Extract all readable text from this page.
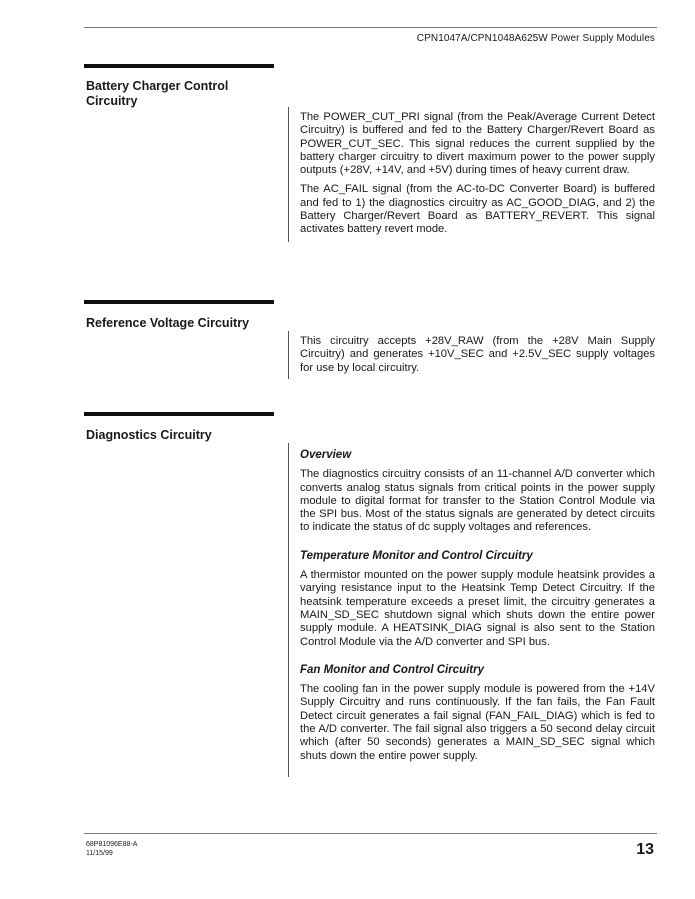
CPN1047A/CPN1048A625W Power Supply Modules
Battery Charger Control Circuitry

The POWER_CUT_PRI signal (from the Peak/Average Current Detect Circuitry) is buffered and fed to the Battery Charger/Revert Board as POWER_CUT_SEC. This signal reduces the current supplied by the battery charger circuitry to divert maximum power to the power supply outputs (+28V, +14V, and +5V) during times of heavy current draw.

The AC_FAIL signal (from the AC-to-DC Converter Board) is buffered and fed to 1) the diagnostics circuitry as AC_GOOD_DIAG, and 2) the Battery Charger/Revert Board as BATTERY_REVERT. This signal activates battery revert mode.

Reference Voltage Circuitry

This circuitry accepts +28V_RAW (from the +28V Main Supply Circuitry) and generates +10V_SEC and +2.5V_SEC supply voltages for use by local circuitry.

Diagnostics Circuitry

Overview

The diagnostics circuitry consists of an 11-channel A/D converter which converts analog status signals from critical points in the power supply module to digital format for transfer to the Station Control Module via the SPI bus. Most of the status signals are generated by detect circuits to indicate the status of dc supply voltages and references.

Temperature Monitor and Control Circuitry

A thermistor mounted on the power supply module heatsink provides a varying resistance input to the Heatsink Temp Detect Circuitry. If the heatsink temperature exceeds a preset limit, the circuitry generates a MAIN_SD_SEC shutdown signal which shuts down the entire power supply module. A HEATSINK_DIAG signal is also sent to the Station Control Module via the A/D converter and SPI bus.

Fan Monitor and Control Circuitry

The cooling fan in the power supply module is powered from the +14V Supply Circuitry and runs continuously. If the fan fails, the Fan Fault Detect circuit generates a fail signal (FAN_FAIL_DIAG) which is fed to the A/D converter. The fail signal also triggers a 50 second delay circuit which (after 50 seconds) generates a MAIN_SD_SEC signal which shuts down the entire power supply.

68P81096E88-A
11/15/99	13
